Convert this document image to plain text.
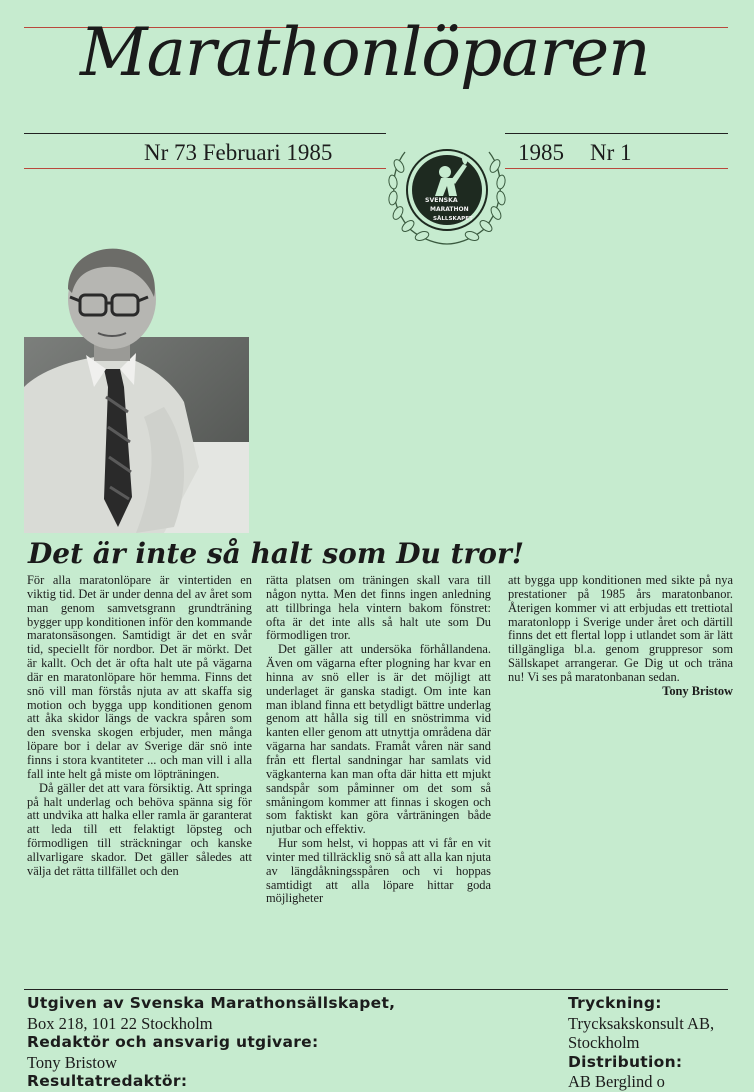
Marathonlöparen
Nr 73 Februari 1985	1985 Nr 1
SVENSKA
MARATHON
SÄLLSKAPET
Det är inte så halt som Du tror!

För alla maratonlöpare är vintertiden en viktig tid. Det är under denna del av året som man genom samvetsgrann grundträning bygger upp konditionen inför den kommande maratonsäsongen. Samtidigt är det en svår tid, speciellt för nordbor. Det är mörkt. Det är kallt. Och det är ofta halt ute på vägarna där en maratonlöpare hör hemma. Finns det snö vill man förstås njuta av att skaffa sig motion och bygga upp konditionen genom att åka skidor längs de vackra spåren som den svenska skogen erbjuder, men många löpare bor i delar av Sverige där snö inte finns i stora kvantiteter ... och man vill i alla fall inte helt gå miste om löpträningen.

Då gäller det att vara försiktig. Att springa på halt underlag och behöva spänna sig för att undvika att halka eller ramla är garanterat att leda till ett felaktigt löpsteg och förmodligen till sträckningar och kanske allvarligare skador. Det gäller således att välja det rätta tillfället och den

rätta platsen om träningen skall vara till någon nytta. Men det finns ingen anledning att tillbringa hela vintern bakom fönstret: ofta är det inte alls så halt ute som Du förmodligen tror.

Det gäller att undersöka förhållandena. Även om vägarna efter plogning har kvar en hinna av snö eller is är det möjligt att underlaget är ganska stadigt. Om inte kan man ibland finna ett betydligt bättre underlag genom att hålla sig till en snöstrimma vid kanten eller genom att utnyttja områdena där vägarna har sandats. Framåt våren när sand från ett flertal sandningar har samlats vid vägkanterna kan man ofta där hitta ett mjukt sandspår som påminner om det som så småningom kommer att finnas i skogen och som faktiskt kan göra vårträningen både njutbar och effektiv.

Hur som helst, vi hoppas att vi får en vit vinter med tillräcklig snö så att alla kan njuta av längdåkningsspåren och vi hoppas samtidigt att alla löpare hittar goda möjligheter

att bygga upp konditionen med sikte på nya prestationer på 1985 års maratonbanor. Återigen kommer vi att erbjudas ett trettiotal maratonlopp i Sverige under året och därtill finns det ett flertal lopp i utlandet som är lätt tillgängliga bl.a. genom gruppresor som Sällskapet arrangerar. Ge Dig ut och träna nu! Vi ses på maratonbanan sedan.

Tony Bristow

Utgiven av Svenska Marathonsällskapet,
Box 218, 101 22 Stockholm
Redaktör och ansvarig utgivare:
Tony Bristow
Resultatredaktör:
Tryckning:
Trycksakskonsult AB,
Stockholm
Distribution:
AB Berglind o
